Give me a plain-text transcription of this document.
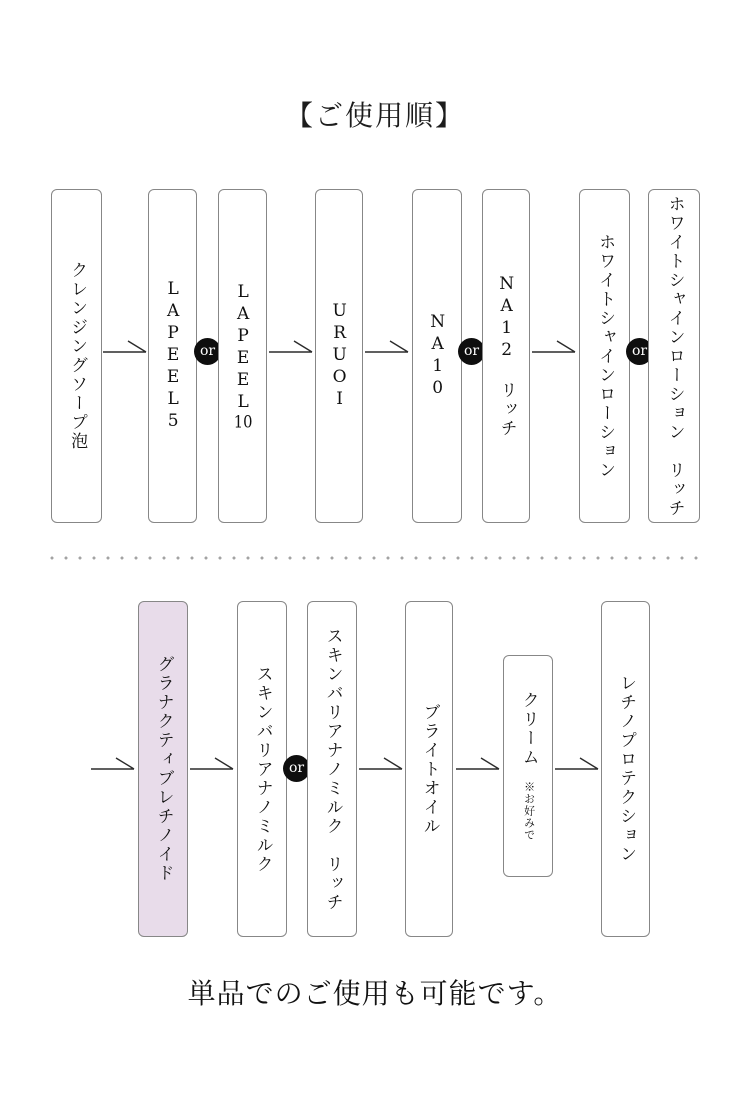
【ご使用順】
クレンジングソープ泡	LAPEEL5
or
LAPEEL10
URUOI	NA10	or	NA12　リッチ	ホワイトシャインローション	or	ホワイトシャインローション　リッチ
グラナクティブレチノイド	スキンバリアナノミルク	or	スキンバリアナノミルク　リッチ
ブライトオイル	クリーム※お好みで	レチノプロテクション

単品でのご使用も可能です。
